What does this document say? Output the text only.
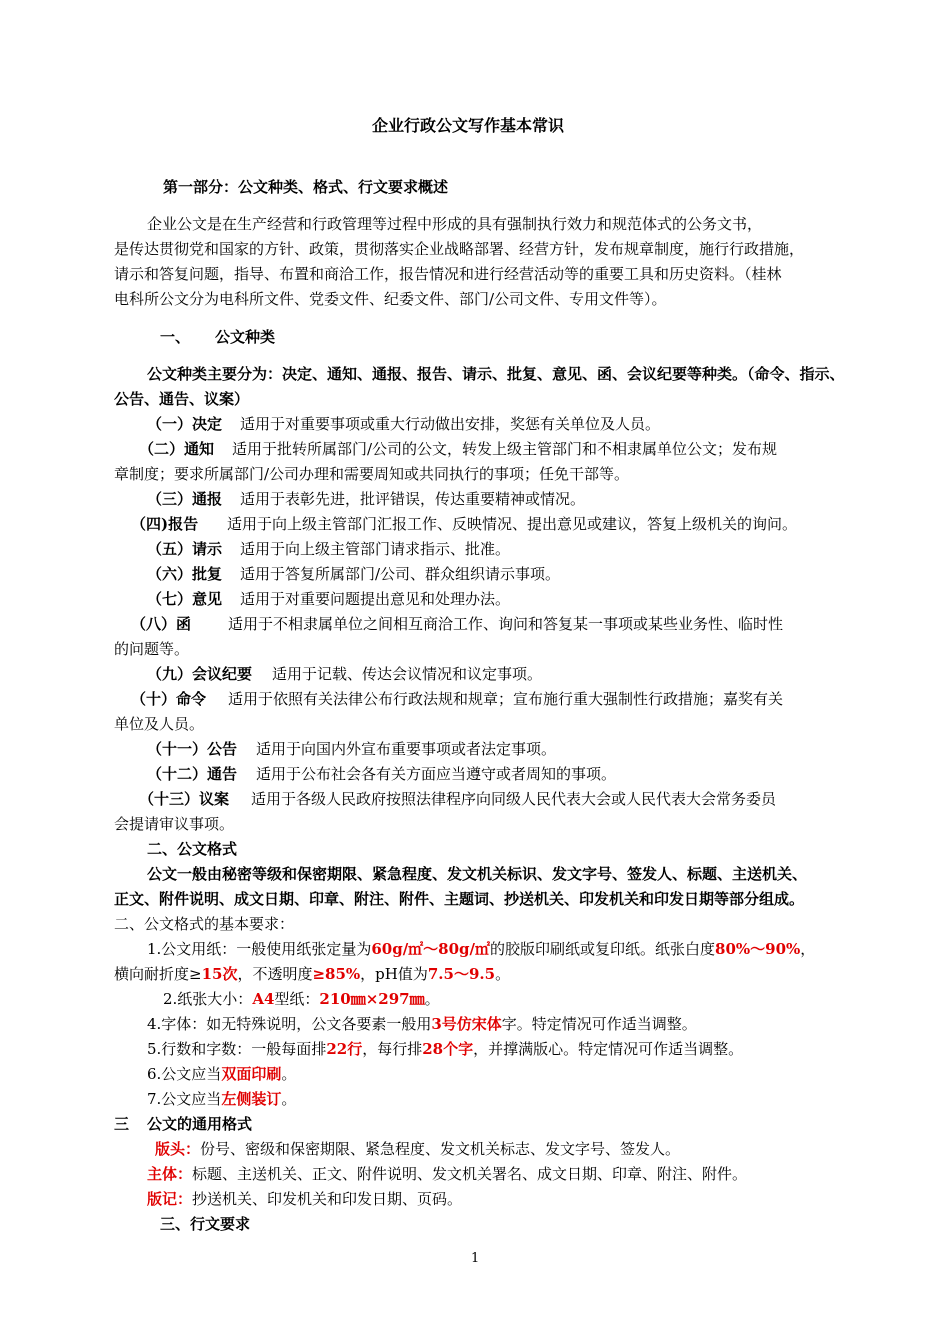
企业行政公文写作基本常识
第一部分：公文种类、格式、行文要求概述
企业公文是在生产经营和行政管理等过程中形成的具有强制执行效力和规范体式的公务文书，
是传达贯彻党和国家的方针、政策，贯彻落实企业战略部署、经营方针，发布规章制度，施行行政措施，
请示和答复问题，指导、布置和商洽工作，报告情况和进行经营活动等的重要工具和历史资料。（桂林
电科所公文分为电科所文件、党委文件、纪委文件、部门/公司文件、专用文件等）。
一、 公文种类
公文种类主要分为：决定、通知、通报、报告、请示、批复、意见、函、会议纪要等种类。（命令、指示、
公告、通告、议案）
（一）决定 适用于对重要事项或重大行动做出安排，奖惩有关单位及人员。
（二）通知 适用于批转所属部门/公司的公文，转发上级主管部门和不相隶属单位公文；发布规
章制度；要求所属部门/公司办理和需要周知或共同执行的事项；任免干部等。
（三）通报 适用于表彰先进，批评错误，传达重要精神或情况。
（四)报告 适用于向上级主管部门汇报工作、反映情况、提出意见或建议，答复上级机关的询问。
（五）请示 适用于向上级主管部门请求指示、批准。
（六）批复 适用于答复所属部门/公司、群众组织请示事项。
（七）意见 适用于对重要问题提出意见和处理办法。
（八）函 适用于不相隶属单位之间相互商洽工作、询问和答复某一事项或某些业务性、临时性
的问题等。
（九）会议纪要 适用于记载、传达会议情况和议定事项。
（十）命令 适用于依照有关法律公布行政法规和规章；宣布施行重大强制性行政措施；嘉奖有关
单位及人员。
（十一）公告 适用于向国内外宣布重要事项或者法定事项。
（十二）通告 适用于公布社会各有关方面应当遵守或者周知的事项。
（十三）议案 适用于各级人民政府按照法律程序向同级人民代表大会或人民代表大会常务委员
会提请审议事项。
二、公文格式
公文一般由秘密等级和保密期限、紧急程度、发文机关标识、发文字号、签发人、标题、主送机关、
正文、附件说明、成文日期、印章、附注、附件、主题词、抄送机关、印发机关和印发日期等部分组成。
二、公文格式的基本要求：
1.公文用纸：一般使用纸张定量为60g/㎡～80g/㎡的胶版印刷纸或复印纸。纸张白度80%～90%，
横向耐折度≥15次，不透明度≥85%，pH值为7.5～9.5。
2.纸张大小：A4型纸：210㎜×297㎜。
4.字体：如无特殊说明，公文各要素一般用3号仿宋体字。特定情况可作适当调整。
5.行数和字数：一般每面排22行，每行排28个字，并撑满版心。特定情况可作适当调整。
6.公文应当双面印刷。
7.公文应当左侧装订。
三 公文的通用格式
版头：份号、密级和保密期限、紧急程度、发文机关标志、发文字号、签发人。
主体：标题、主送机关、正文、附件说明、发文机关署名、成文日期、印章、附注、附件。
版记：抄送机关、印发机关和印发日期、页码。
三、行文要求
1
